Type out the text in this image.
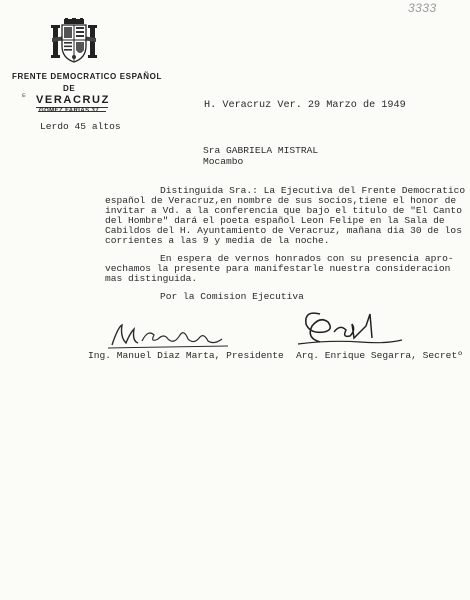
3333
FRENTE DEMOCRATICO ESPAÑOL
DE
ɕ VERACRUZ
Lerdo 45 altos
H. Veracruz Ver. 29 Marzo de 1949
Sra GABRIELA MISTRAL
Mocambo
Distinguida Sra.: La Ejecutiva del Frente Democratico
español de Veracruz,en nombre de sus socios,tiene el honor de
invitar a Vd. a la conferencia que bajo el titulo de "El Canto
del Hombre" dará el poeta español Leon Felipe en la Sala de
Cabildos del H. Ayuntamiento de Veracruz, mañana dia 30 de los
corrientes a las 9 y media de la noche.
En espera de vernos honrados con su presencia apro-
vechamos la presente para manifestarle nuestra consideracion
mas distinguida.
Por la Comision Ejecutiva
Ing. Manuel Diaz Marta, Presidente Arq. Enrique Segarra, Secretº
